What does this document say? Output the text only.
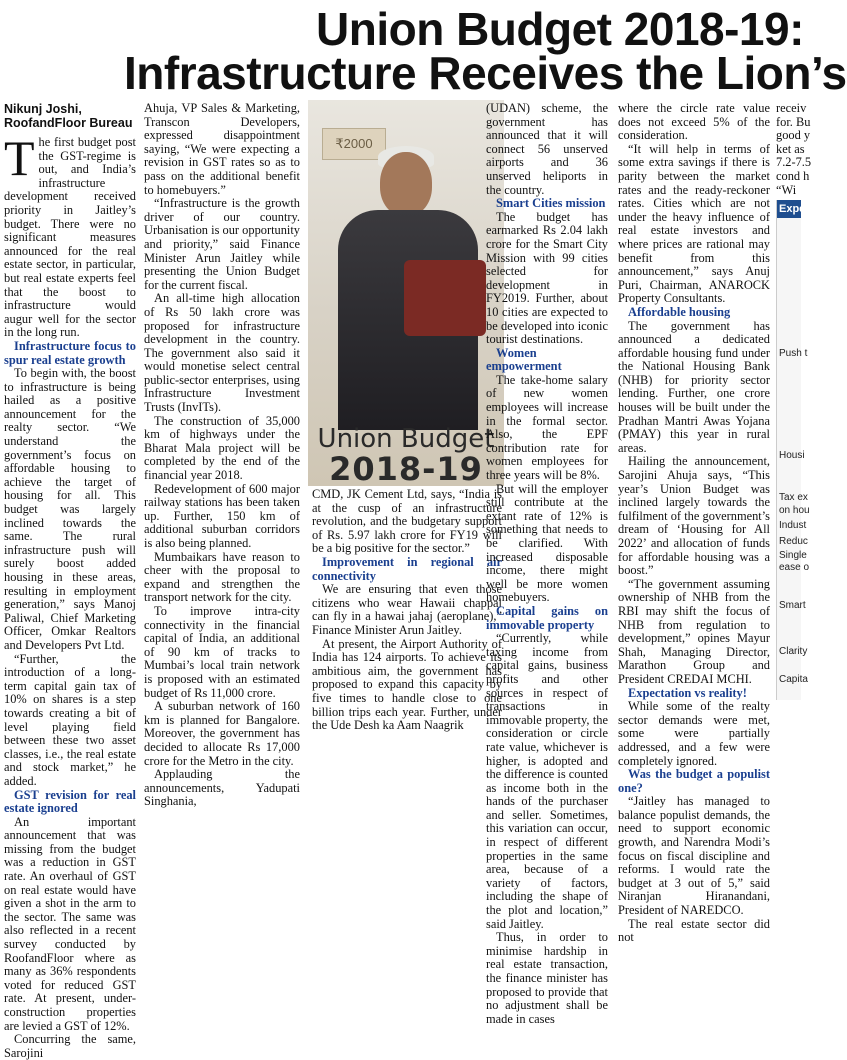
Union Budget 2018-19:
Infrastructure Receives the Lion’s
Nikunj Joshi,
RoofandFloor Bureau

The first budget post the GST-regime is out, and India’s infrastructure development received priority in Jaitley’s budget. There were no significant measures announced for the real estate sector, in particular, but real estate experts feel that the boost to infrastructure would augur well for the sector in the long run.

Infrastructure focus to spur real estate growth

To begin with, the boost to infrastructure is being hailed as a positive announcement for the realty sector. “We understand the government’s focus on affordable housing to achieve the target of housing for all. This budget was largely inclined towards the same. The rural infrastructure push will surely boost added housing in these areas, resulting in employment generation,” says Manoj Paliwal, Chief Marketing Officer, Omkar Realtors and Developers Pvt Ltd.

“Further, the introduction of a long-term capital gain tax of 10% on shares is a step towards creating a bit of level playing field between these two asset classes, i.e., the real estate and stock market,” he added.

GST revision for real estate ignored

An important announcement that was missing from the budget was a reduction in GST rate. An overhaul of GST on real estate would have given a shot in the arm to the sector. The same was also reflected in a recent survey conducted by RoofandFloor where as many as 36% respondents voted for reduced GST rate. At present, under-construction properties are levied a GST of 12%.

Concurring the same, Sarojini

Ahuja, VP Sales & Marketing, Transcon Developers, expressed disappointment saying, “We were expecting a revision in GST rates so as to pass on the additional benefit to homebuyers.”

“Infrastructure is the growth driver of our country. Urbanisation is our opportunity and priority,” said Finance Minister Arun Jaitley while presenting the Union Budget for the current fiscal.

An all-time high allocation of Rs 50 lakh crore was proposed for infrastructure development in the country. The government also said it would monetise select central public-sector enterprises, using Infrastructure Investment Trusts (InvITs).

The construction of 35,000 km of highways under the Bharat Mala project will be completed by the end of the financial year 2018.

Redevelopment of 600 major railway stations has been taken up. Further, 150 km of additional suburban corridors is also being planned.

Mumbaikars have reason to cheer with the proposal to expand and strengthen the transport network for the city.

To improve intra-city connectivity in the financial capital of India, an additional of 90 km of tracks to Mumbai’s local train network is proposed with an estimated budget of Rs 11,000 crore.

A suburban network of 160 km is planned for Bangalore. Moreover, the government has decided to allocate Rs 17,000 crore for the Metro in the city.

Applauding the announcements, Yadupati Singhania,

₹2000
Union Budget
2018-19

CMD, JK Cement Ltd, says, “India is at the cusp of an infrastructure revolution, and the budgetary support of Rs. 5.97 lakh crore for FY19 will be a big positive for the sector.”

Improvement in regional air connectivity

We are ensuring that even those citizens who wear Hawaii chappal can fly in a hawai jahaj (aeroplane),” Finance Minister Arun Jaitley.

At present, the Airport Authority of India has 124 airports. To achieve its ambitious aim, the government has proposed to expand this capacity by five times to handle close to one billion trips each year. Further, under the Ude Desh ka Aam Naagrik

(UDAN) scheme, the government has announced that it will connect 56 unserved airports and 36 unserved heliports in the country.

Smart Cities mission

The budget has earmarked Rs 2.04 lakh crore for the Smart City Mission with 99 cities selected for development in FY2019. Further, about 10 cities are expected to be developed into iconic tourist destinations.

Women empowerment

The take-home salary of new women employees will increase in the formal sector. Also, the EPF contribution rate for women employees for three years will be 8%.

But will the employer still contribute at the extant rate of 12% is something that needs to be clarified. With increased disposable income, there might well be more women homebuyers.

Capital gains on immovable property

“Currently, while taxing income from capital gains, business profits and other sources in respect of transactions in immovable property, the consideration or circle rate value, whichever is higher, is adopted and the difference is counted as income both in the hands of the purchaser and seller. Sometimes, this variation can occur, in respect of different properties in the same area, because of a variety of factors, including the shape of the plot and location,” said Jaitley.

Thus, in order to minimise hardship in real estate transaction, the finance minister has proposed to provide that no adjustment shall be made in cases

where the circle rate value does not exceed 5% of the consideration.

“It will help in terms of some extra savings if there is parity between the market rates and the ready-reckoner rates. Cities which are not under the heavy influence of real estate investors and where prices are rational may benefit from this announcement,” says Anuj Puri, Chairman, ANAROCK Property Consultants.

Affordable housing

The government has announced a dedicated affordable housing fund under the National Housing Bank (NHB) for priority sector lending. Further, one crore houses will be built under the Pradhan Mantri Awas Yojana (PMAY) this year in rural areas.

Hailing the announcement, Sarojini Ahuja says, “This year’s Union Budget was inclined largely towards the fulfilment of the government’s dream of ‘Housing for All 2022’ and allocation of funds for affordable housing was a boost.”

“The government assuming ownership of NHB from the RBI may shift the focus of NHB from regulation to development,” opines Mayur Shah, Managing Director, Marathon Group and President CREDAI MCHI.

Expectation vs reality!

While some of the realty sector demands were met, some were partially addressed, and a few were completely ignored.

Was the budget a populist one?

“Jaitley has managed to balance populist demands, the need to support economic growth, and Narendra Modi’s focus on fiscal discipline and reforms. I would rate the budget at 3 out of 5,” said Niranjan Hiranandani, President of NAREDCO.

The real estate sector did not

receiv
for. Bu
good y
ket as
7.2-7.5
cond h
“Wi
Expe
Push t
Housi
Tax ex
on hou
Indust
Reduc
Single
ease o
Smart
Clarity
Capita
